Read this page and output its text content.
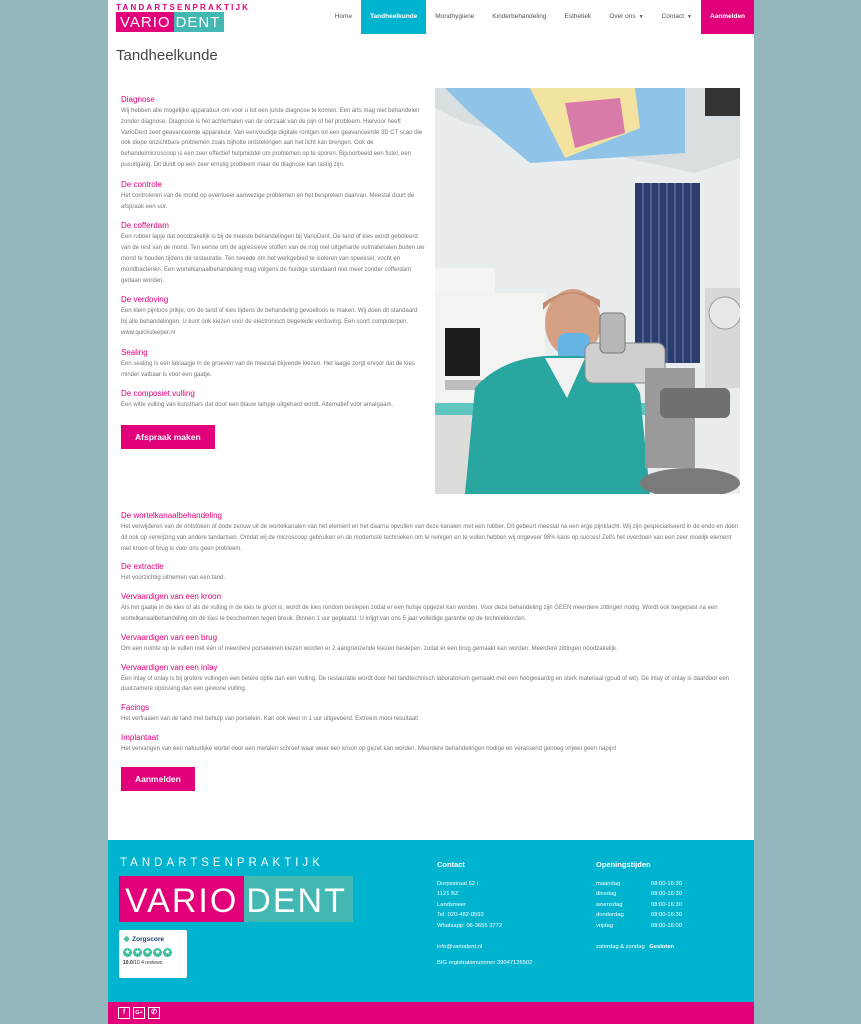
TANDARTSENPRAKTIJK
VARIO DENT	Home	Tandheelkunde	Mondhygiene	Kinderbehandeling	Esthetiek	Over ons ▼	Contact ▼	Aanmelden
Tandheelkunde
Diagnose

Wij hebben alle mogelijke apparatuur om voor u tot een juiste diagnose te komen. Een arts mag niet behandelen zonder diagnose. Diagnose is het achterhalen van de oorzaak van de pijn of het probleem. Hiervoor heeft VarioDent zeer geavanceerde apparatuur. Van eenvoudige digitale rontgen tot een geavanceerde 3D CT scan die ook diepe onzichtbare problemen zoals bijholte ontstekingen aan het licht kan brengen. Ook de behandelmicroscoop is een zeer effectief hulpmiddel om problemen op te sporen. Bijvoorbeeld een fistel, een pusuitgang. Dit duidt op een zeer ernstig probleem maar de diagnose kan lastig zijn.

De controle

Het controleren van de mond op eventueel aanwezige problemen en het bespreken daarvan. Meestal duurt de afspraak een uur.

De cofferdam

Een rubber lapje dat noodzakelijk is bij de meeste behandelingen bij VarioDent. De tand of kies wordt geboleerd van de rest van de mond. Ten eerste om de agressieve stoffen van de nog niet uitgeharde vulmaterialen buiten uw mond te houden tijdens de restauratie. Ten tweede om het werkgebied te isoleren van speeksel, vocht en mondbacteriën. Een wortelkanaalbehandeling mag volgens de huidige standaard niet meer zonder cofferdam gedaan worden.

De verdoving

Een klein pijnloos prikje, om de tand of kies tijdens de behandeling gevoelloos te maken. Wij doen dit standaard bij alle behandelingen. U kunt ook kiezen voor de electronisch begeleide verdoving. Een soort computerpen. www.quicksleeper.nl

Sealing

Een sealing is een laklaagje in de groeven van de meestal blijvende kiezen. Het laagje zorgt ervoor dat de kies minder vatbaar is voor een gaatje.

De composiet vulling

Een witte vulling van kunsthars dat door een blauw lampje uitgehard wordt. Alternatief voor amalgaam.

Afspraak maken
De wortelkanaalbehandeling

Het verwijderen van de ontstoken of dode zenuw uit de wortelkanalen van het element en het daarna opvullen van deze kanalen met een rubber. Dit gebeurt meestal na een erge pijnklacht. Wij zijn gespecialiseerd in de endo en doen dit ook op verwijzing van andere tandartsen. Omdat wij de microscoop gebruiken en de modernste technieken om te reinigen en te vullen hebben wij ongeveer 98% kans op succes! Zelfs het overdoen van een zeer moelijk element met kroon of brug is voor ons geen probleem.

De extractie

Het voorzichtig uitnemen van een tand.

Vervaardigen van een kroon

Als het gaatje in de kies of als de vulling in de kies te groot is, wordt de kies rondom beslepen zodat er een hulsje opgezet kan worden. Voor deze behandeling zijn GEEN meerdere zittingen nodig. Wordt ook toegepast na een wortelkanaalbehandeling om de kies te beschermen tegen breuk. Binnen 1 uur geplaatst. U krijgt van ons 5 jaar volledige garantie op de techniekkosten.

Vervaardigen van een brug

Om een ruimte op te vullen met één of meerdere porseleinen kiezen worden er 2 aangrenzende kiezen beslepen, zodat er een brug gemaakt kan worden. Meerdere zittingen noodzakelijk.

Vervaardigen van een inlay

Een inlay of onlay is bij grotere vullingen een betere optie dan een vulling. De restauratie wordt door het tandtechnisch laboratorium gemaakt met een hoogwaardig en sterk materiaal (goud of wit). De inlay of onlay is daardoor een duurzamere oplossing dan een gewone vulling.

Facings

Het verfraaien van de tand met behulp van porselein. Kan ook weer in 1 uur uitgevoerd. Extreem mooi resultaat!

Implantaat

Het vervangen van een natuurlijke wortel door een metalen schroef waar weer een kroon op gezet kan worden. Meerdere behandelingen nodige en verassend genoeg vrijwel geen napijn!

Aanmelden
TANDARTSENPRAKTIJK
VARIO DENT
❖ Zorgscore
★ ★ ★ ★ ★
10.0/10 4 reviews
Contact
Dorpsstraat 62 i
1121 BZ
Landsmeer
Tel: 020-482-0593
Whatsapp: 06-3655 3772
info@variodent.nl
BIG registratienummer 39047126502
Openingstijden
maandag	08:00-16:30
dinsdag	08:00-16:30
woensdag	08:00-16:30
donderdag	08:00-16:30
vrijdag	08:00-16:00
zaterdag & zondag Gesloten
f	G+	✆
